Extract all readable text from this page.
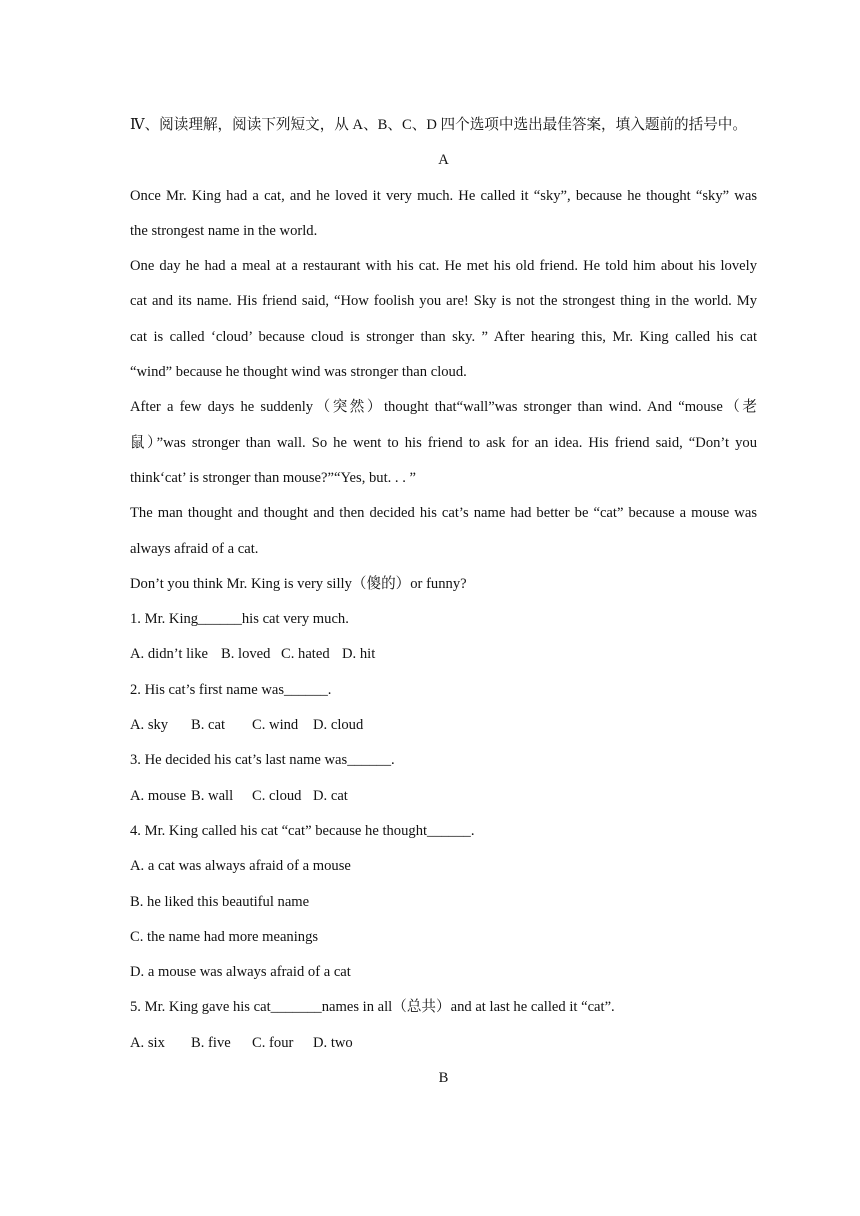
Ⅳ、阅读理解，阅读下列短文，从 A、B、C、D 四个选项中选出最佳答案，填入题前的括号中。
A
Once Mr. King had a cat, and he loved it very much. He called it “sky”, because he thought “sky” was
the strongest name in the world.
One day he had a meal at a restaurant with his cat. He met his old friend. He told him about his lovely
cat and its name. His friend said, “How foolish you are! Sky is not the strongest thing in the world. My
cat is called ‘cloud’ because cloud is stronger than sky. ” After hearing this, Mr. King called his cat
“wind” because he thought wind was stronger than cloud.
After a few days he suddenly（突然）thought that“wall”was stronger than wind. And “mouse（老
鼠）”was stronger than wall. So he went to his friend to ask for an idea. His friend said, “Don’t you
think‘cat’ is stronger than mouse?”“Yes, but. . . ”
The man thought and thought and then decided his cat’s name had better be “cat” because a mouse was
always afraid of a cat.
Don’t you think Mr. King is very silly（傻的）or funny?
1. Mr. King______his cat very much.
A. didn’t like B. loved C. hated D. hit
2. His cat’s first name was______.
A. sky B. cat C. wind D. cloud
3. He decided his cat’s last name was______.
A. mouse B. wall C. cloud D. cat
4. Mr. King called his cat “cat” because he thought______.
A. a cat was always afraid of a mouse
B. he liked this beautiful name
C. the name had more meanings
D. a mouse was always afraid of a cat
5. Mr. King gave his cat_______names in all（总共）and at last he called it “cat”.
A. six B. five C. four D. two
B
